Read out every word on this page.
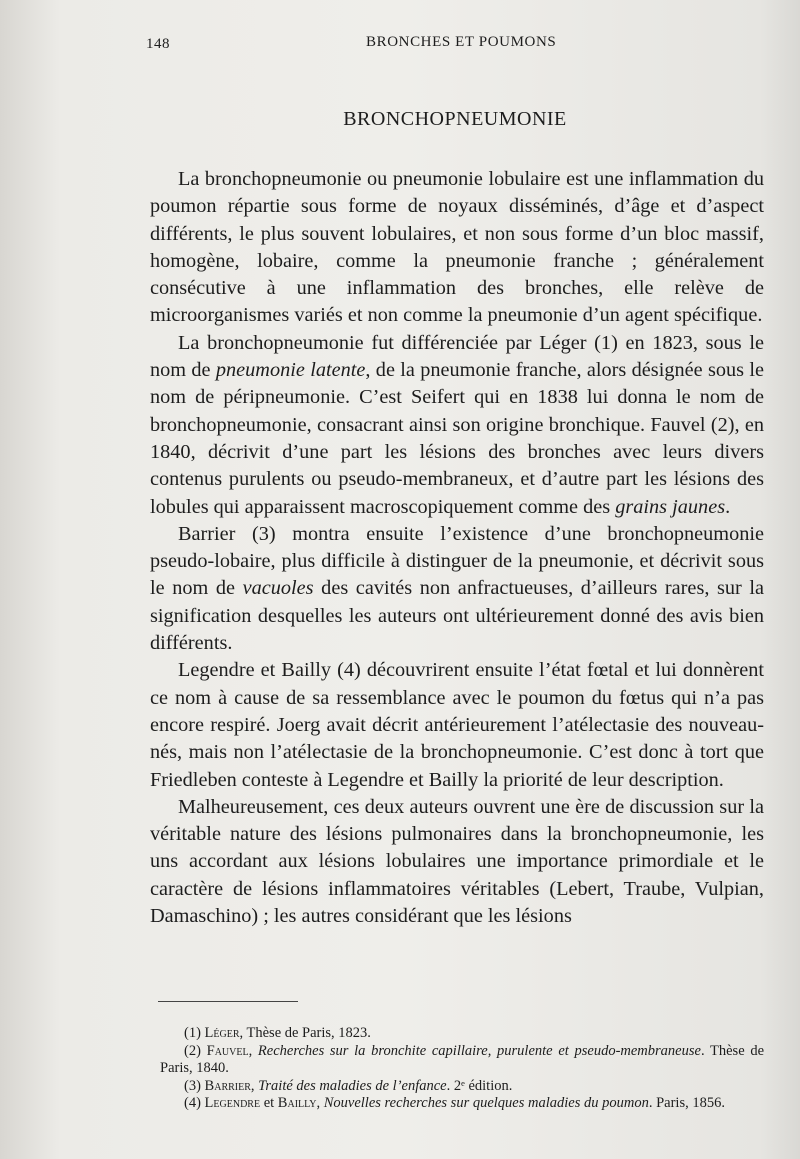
148	BRONCHES ET POUMONS
BRONCHOPNEUMONIE

La bronchopneumonie ou pneumonie lobulaire est une inflammation du poumon répartie sous forme de noyaux disséminés, d’âge et d’aspect différents, le plus souvent lobulaires, et non sous forme d’un bloc massif, homogène, lobaire, comme la pneumonie franche ; généralement consécutive à une inflammation des bronches, elle relève de microorganismes variés et non comme la pneumonie d’un agent spécifique.

La bronchopneumonie fut différenciée par Léger (1) en 1823, sous le nom de pneumonie latente, de la pneumonie franche, alors désignée sous le nom de péripneumonie. C’est Seifert qui en 1838 lui donna le nom de bronchopneumonie, consacrant ainsi son origine bronchique. Fauvel (2), en 1840, décrivit d’une part les lésions des bronches avec leurs divers contenus purulents ou pseudo-membraneux, et d’autre part les lésions des lobules qui apparaissent macroscopiquement comme des grains jaunes.

Barrier (3) montra ensuite l’existence d’une bronchopneumonie pseudo-lobaire, plus difficile à distinguer de la pneumonie, et décrivit sous le nom de vacuoles des cavités non anfractueuses, d’ailleurs rares, sur la signification desquelles les auteurs ont ultérieurement donné des avis bien différents.

Legendre et Bailly (4) découvrirent ensuite l’état fœtal et lui donnèrent ce nom à cause de sa ressemblance avec le poumon du fœtus qui n’a pas encore respiré. Joerg avait décrit antérieurement l’atélectasie des nouveau-nés, mais non l’atélectasie de la bronchopneumonie. C’est donc à tort que Friedleben conteste à Legendre et Bailly la priorité de leur description.

Malheureusement, ces deux auteurs ouvrent une ère de discussion sur la véritable nature des lésions pulmonaires dans la bronchopneumonie, les uns accordant aux lésions lobulaires une importance primordiale et le caractère de lésions inflammatoires véritables (Lebert, Traube, Vulpian, Damaschino) ; les autres considérant que les lésions

(1) Léger, Thèse de Paris, 1823.

(2) Fauvel, Recherches sur la bronchite capillaire, purulente et pseudo-membraneuse. Thèse de Paris, 1840.

(3) Barrier, Traité des maladies de l’enfance. 2ᵉ édition.

(4) Legendre et Bailly, Nouvelles recherches sur quelques maladies du poumon. Paris, 1856.
